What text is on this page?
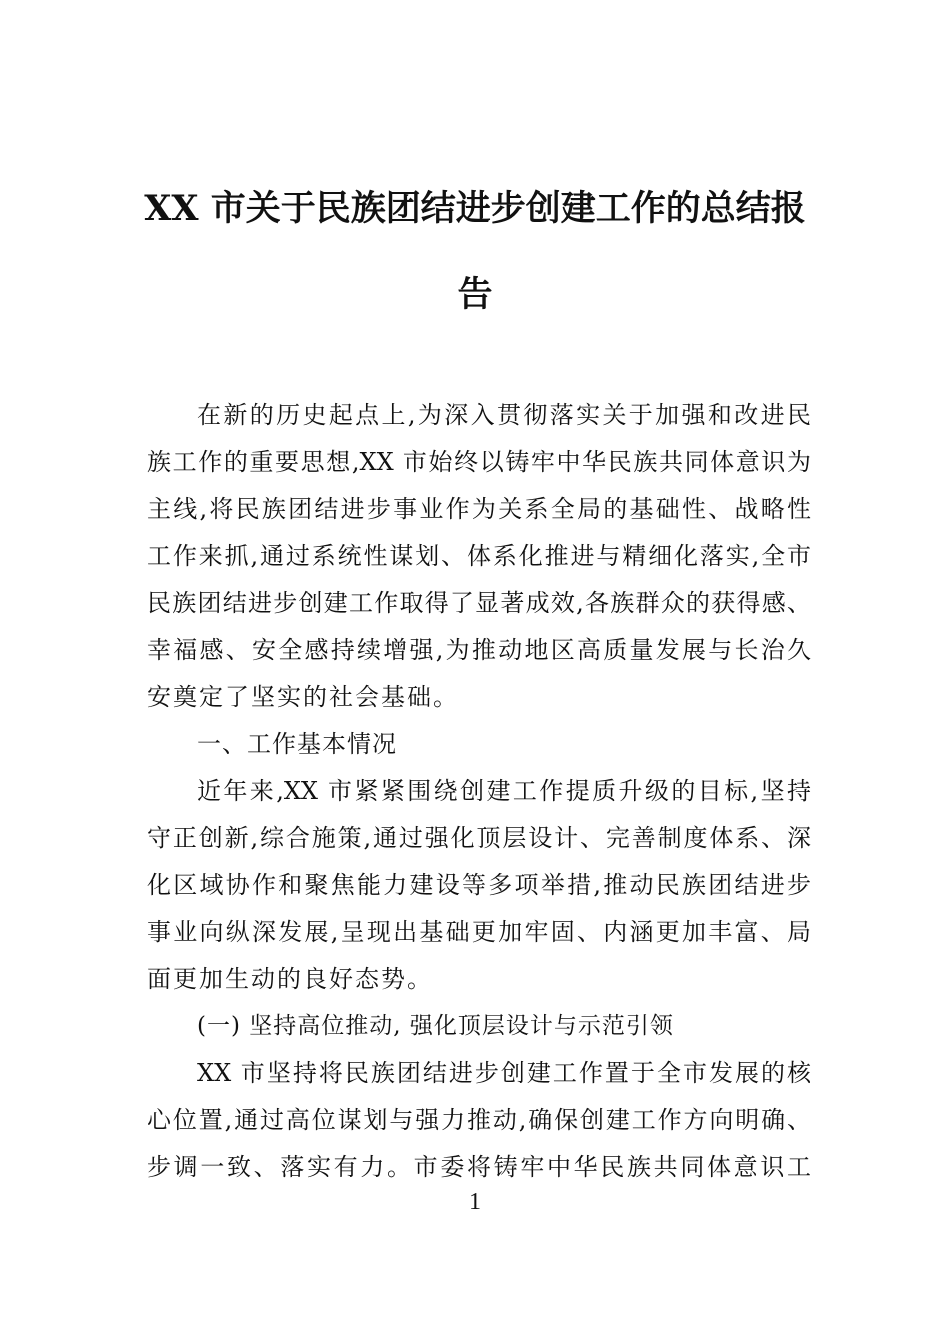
XX 市关于民族团结进步创建工作的总结报
告
在新的历史起点上,为深入贯彻落实关于加强和改进民
族工作的重要思想,XX 市始终以铸牢中华民族共同体意识为
主线,将民族团结进步事业作为关系全局的基础性、战略性
工作来抓,通过系统性谋划、体系化推进与精细化落实,全市
民族团结进步创建工作取得了显著成效,各族群众的获得感、
幸福感、安全感持续增强,为推动地区高质量发展与长治久
安奠定了坚实的社会基础。
一、工作基本情况
近年来,XX 市紧紧围绕创建工作提质升级的目标,坚持
守正创新,综合施策,通过强化顶层设计、完善制度体系、深
化区域协作和聚焦能力建设等多项举措,推动民族团结进步
事业向纵深发展,呈现出基础更加牢固、内涵更加丰富、局
面更加生动的良好态势。
(一) 坚持高位推动, 强化顶层设计与示范引领
XX 市坚持将民族团结进步创建工作置于全市发展的核
心位置,通过高位谋划与强力推动,确保创建工作方向明确、
步调一致、落实有力。市委将铸牢中华民族共同体意识工
1
